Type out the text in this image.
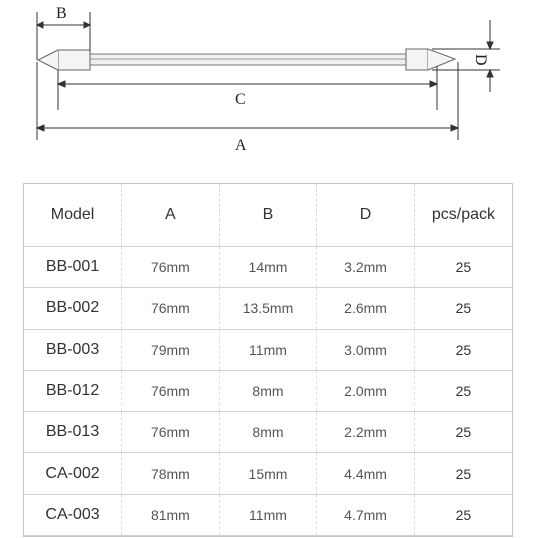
B
C
A
D
Model	A	B	D	pcs/pack
BB-001	76mm	14mm	3.2mm	25
BB-002	76mm	13.5mm	2.6mm	25
BB-003	79mm	11mm	3.0mm	25
BB-012	76mm	8mm	2.0mm	25
BB-013	76mm	8mm	2.2mm	25
CA-002	78mm	15mm	4.4mm	25
CA-003	81mm	11mm	4.7mm	25
